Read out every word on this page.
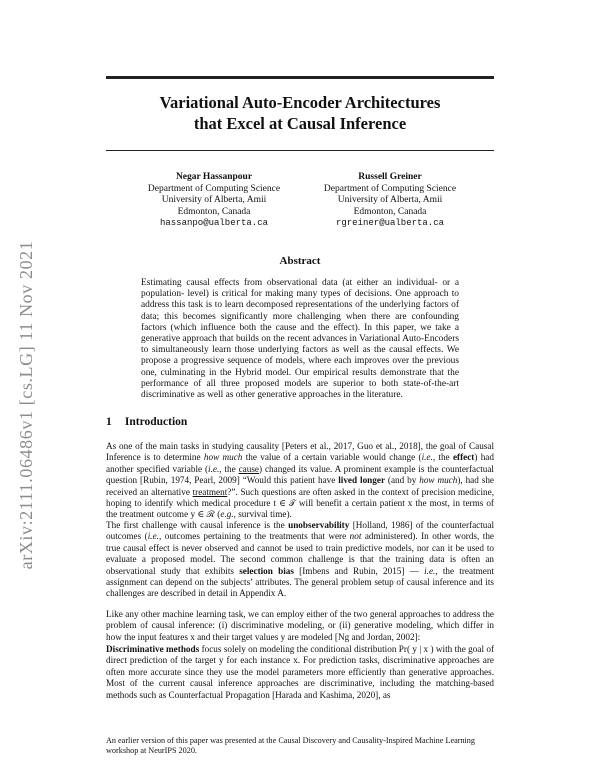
arXiv:2111.06486v1 [cs.LG] 11 Nov 2021
Variational Auto-Encoder Architectures
that Excel at Causal Inference
Negar Hassanpour
Department of Computing Science
University of Alberta, Amii
Edmonton, Canada
hassanpo@ualberta.ca
Russell Greiner
Department of Computing Science
University of Alberta, Amii
Edmonton, Canada
rgreiner@ualberta.ca
Abstract
Estimating causal effects from observational data (at either an individual- or a population- level) is critical for making many types of decisions. One approach to address this task is to learn decomposed representations of the underlying factors of data; this becomes significantly more challenging when there are confounding factors (which influence both the cause and the effect). In this paper, we take a generative approach that builds on the recent advances in Variational Auto-Encoders to simultaneously learn those underlying factors as well as the causal effects. We propose a progressive sequence of models, where each improves over the previous one, culminating in the Hybrid model. Our empirical results demonstrate that the performance of all three proposed models are superior to both state-of-the-art discriminative as well as other generative approaches in the literature.
1 Introduction
As one of the main tasks in studying causality [Peters et al., 2017, Guo et al., 2018], the goal of Causal Inference is to determine how much the value of a certain variable would change (i.e., the effect) had another specified variable (i.e., the cause) changed its value. A prominent example is the counterfactual question [Rubin, 1974, Pearl, 2009] “Would this patient have lived longer (and by how much), had she received an alternative treatment?”. Such questions are often asked in the context of precision medicine, hoping to identify which medical procedure t ∈ 𝒯 will benefit a certain patient x the most, in terms of the treatment outcome y ∈ ℛ (e.g., survival time).
The first challenge with causal inference is the unobservability [Holland, 1986] of the counterfactual outcomes (i.e., outcomes pertaining to the treatments that were not administered). In other words, the true causal effect is never observed and cannot be used to train predictive models, nor can it be used to evaluate a proposed model. The second common challenge is that the training data is often an observational study that exhibits selection bias [Imbens and Rubin, 2015] — i.e., the treatment assignment can depend on the subjects’ attributes. The general problem setup of causal inference and its challenges are described in detail in Appendix A.
Like any other machine learning task, we can employ either of the two general approaches to address the problem of causal inference: (i) discriminative modeling, or (ii) generative modeling, which differ in how the input features x and their target values y are modeled [Ng and Jordan, 2002]:
Discriminative methods focus solely on modeling the conditional distribution Pr( y | x ) with the goal of direct prediction of the target y for each instance x. For prediction tasks, discriminative approaches are often more accurate since they use the model parameters more efficiently than generative approaches. Most of the current causal inference approaches are discriminative, including the matching-based methods such as Counterfactual Propagation [Harada and Kashima, 2020], as
An earlier version of this paper was presented at the Causal Discovery and Causality-Inspired Machine Learning workshop at NeurIPS 2020.
